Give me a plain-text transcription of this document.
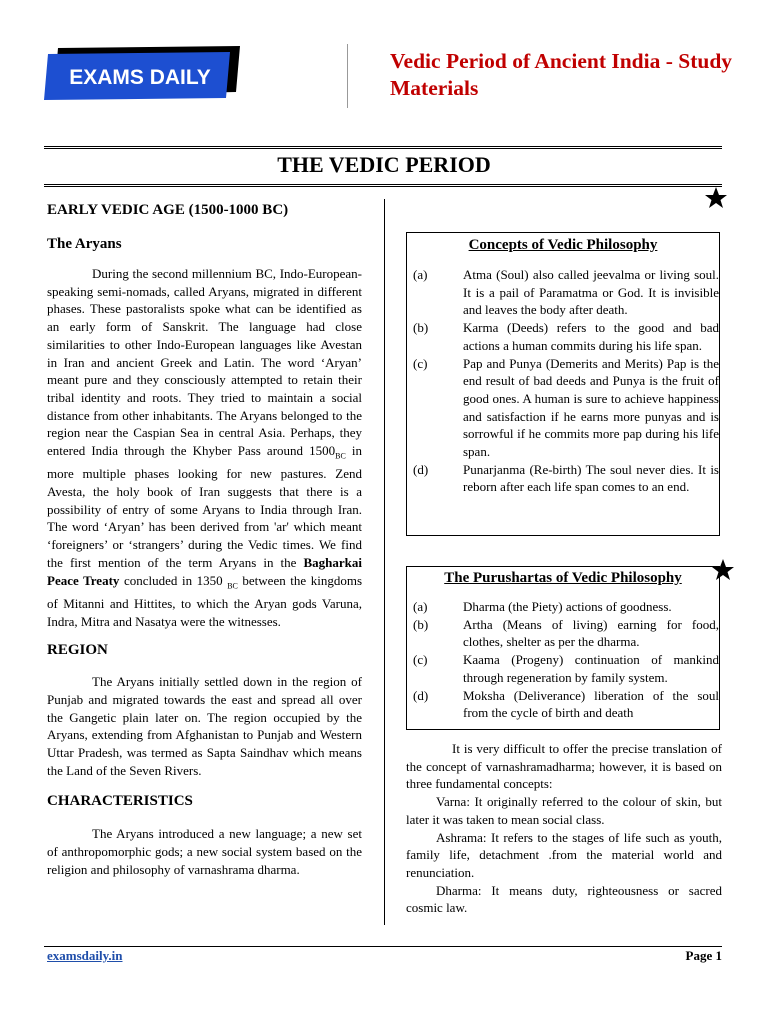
EXAMS DAILY
Vedic Period of Ancient India - Study Materials
THE VEDIC PERIOD
EARLY VEDIC AGE (1500-1000 BC)
The Aryans

During the second millennium BC, Indo-European-speaking semi-nomads, called Aryans, migrated in different phases. These pastoralists spoke what can be identified as an early form of Sanskrit. The language had close similarities to other Indo-European languages like Avestan in Iran and ancient Greek and Latin. The word ‘Aryan’ meant pure and they consciously attempted to retain their tribal identity and roots. They tried to maintain a social distance from other inhabitants. The Aryans belonged to the region near the Caspian Sea in central Asia. Perhaps, they entered India through the Khyber Pass around $1500_{BC}$ in more multiple phases looking for new pastures. Zend Avesta, the holy book of Iran suggests that there is a possibility of entry of some Aryans to India through Iran. The word ‘Aryan’ has been derived from 'ar' which meant ‘foreigners’ or ‘strangers’ during the Vedic times. We find the first mention of the term Aryans in the Bagharkai Peace Treaty concluded in 1350 $_{BC}$ between the kingdoms of Mitanni and Hittites, to which the Aryan gods Varuna, Indra, Mitra and Nasatya were the witnesses.

REGION

The Aryans initially settled down in the region of Punjab and migrated towards the east and spread all over the Gangetic plain later on. The region occupied by the Aryans, extending from Afghanistan to Punjab and Western Uttar Pradesh, was termed as Sapta Saindhav which means the Land of the Seven Rivers.

CHARACTERISTICS

The Aryans introduced a new language; a new set of anthropomorphic gods; a new social system based on the religion and philosophy of varnashrama dharma.

Concepts of Vedic Philosophy
(a)	Atma (Soul) also called jeevalma or living soul. It is a pail of Paramatma or God. It is invisible and leaves the body after death.
(b)	Karma (Deeds) refers to the good and bad actions a human commits during his life span.
(c)	Pap and Punya (Demerits and Merits) Pap is the end result of bad deeds and Punya is the fruit of good ones. A human is sure to achieve happiness and satisfaction if he earns more punyas and is sorrowful if he commits more pap during his life span.
(d)	Punarjanma (Re-birth) The soul never dies. It is reborn after each life span comes to an end.
The Purushartas of Vedic Philosophy
(a)	Dharma (the Piety) actions of goodness.
(b)	Artha (Means of living) earning for food, clothes, shelter as per the dharma.
(c)	Kaama (Progeny) continuation of mankind through regeneration by family system.
(d)	Moksha (Deliverance) liberation of the soul from the cycle of birth and death

It is very difficult to offer the precise translation of the concept of varnashramadharma; however, it is based on three fundamental concepts:

Varna: It originally referred to the colour of skin, but later it was taken to mean social class.

Ashrama: It refers to the stages of life such as youth, family life, detachment .from the material world and renunciation.

Dharma: It means duty, righteousness or sacred cosmic law.

examsdaily.in	Page 1
